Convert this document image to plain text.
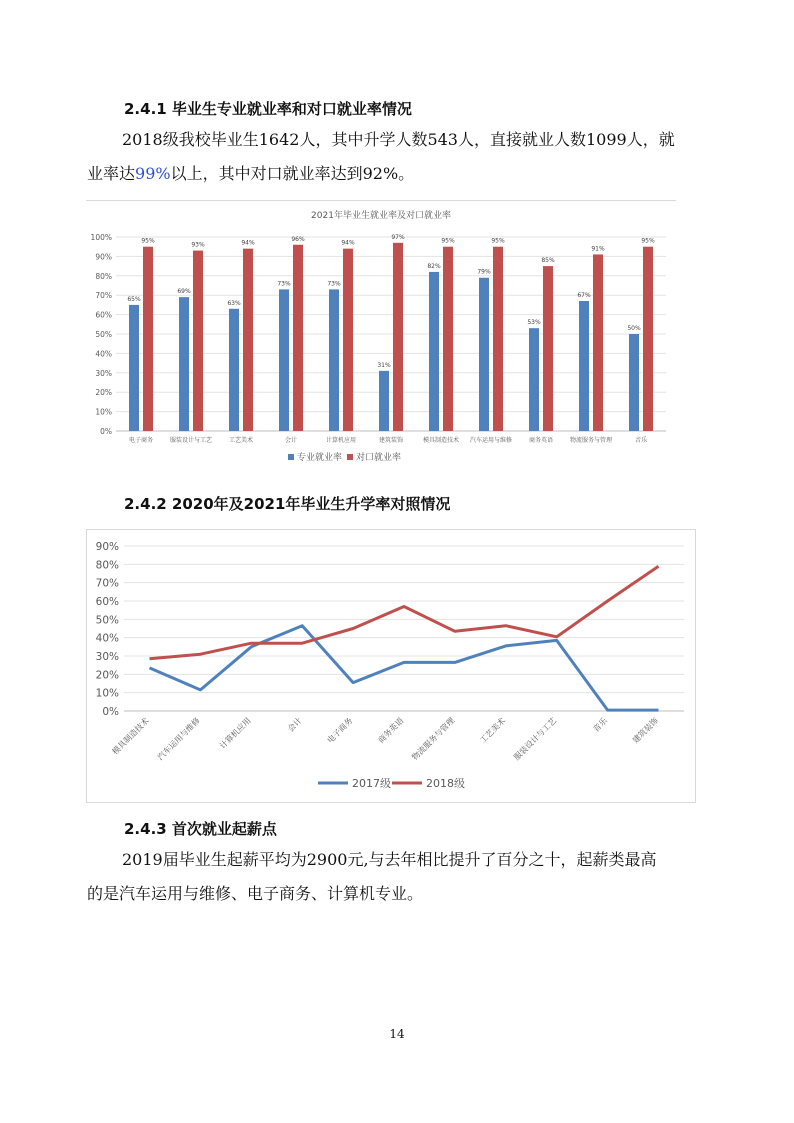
2.4.1 毕业生专业就业率和对口就业率情况
2018级我校毕业生1642人，其中升学人数543人，直接就业人数1099人，就
业率达99%以上，其中对口就业率达到92%。
2021年毕业生就业率及对口就业率
0%
10%
20%
30%
40%
50%
60%
70%
80%
90%
100%
65%
95%
69%
93%
63%
94%
73%
96%
73%
94%
31%
97%
82%
95%
79%
95%
53%
85%
67%
91%
50%
95%
电子商务	服装设计与工艺	工艺美术	会计	计算机应用	建筑装饰	模具制造技术 汽车运用与维修	商务英语	物流服务与管理	音乐
专业就业率 对口就业率
2.4.2 2020年及2021年毕业生升学率对照情况
0%
10%
20%
30%
40%
50%
60%
70%
80%
90%
模具制造技术 汽车运用与维修 计算机应用	会计	电子商务	商务英语 物流服务与管理	工艺美术 服装设计与工艺	音乐	建筑装饰
2017级	2018级
2.4.3 首次就业起薪点
2019届毕业生起薪平均为2900元,与去年相比提升了百分之十，起薪类最高
的是汽车运用与维修、电子商务、计算机专业。
14
